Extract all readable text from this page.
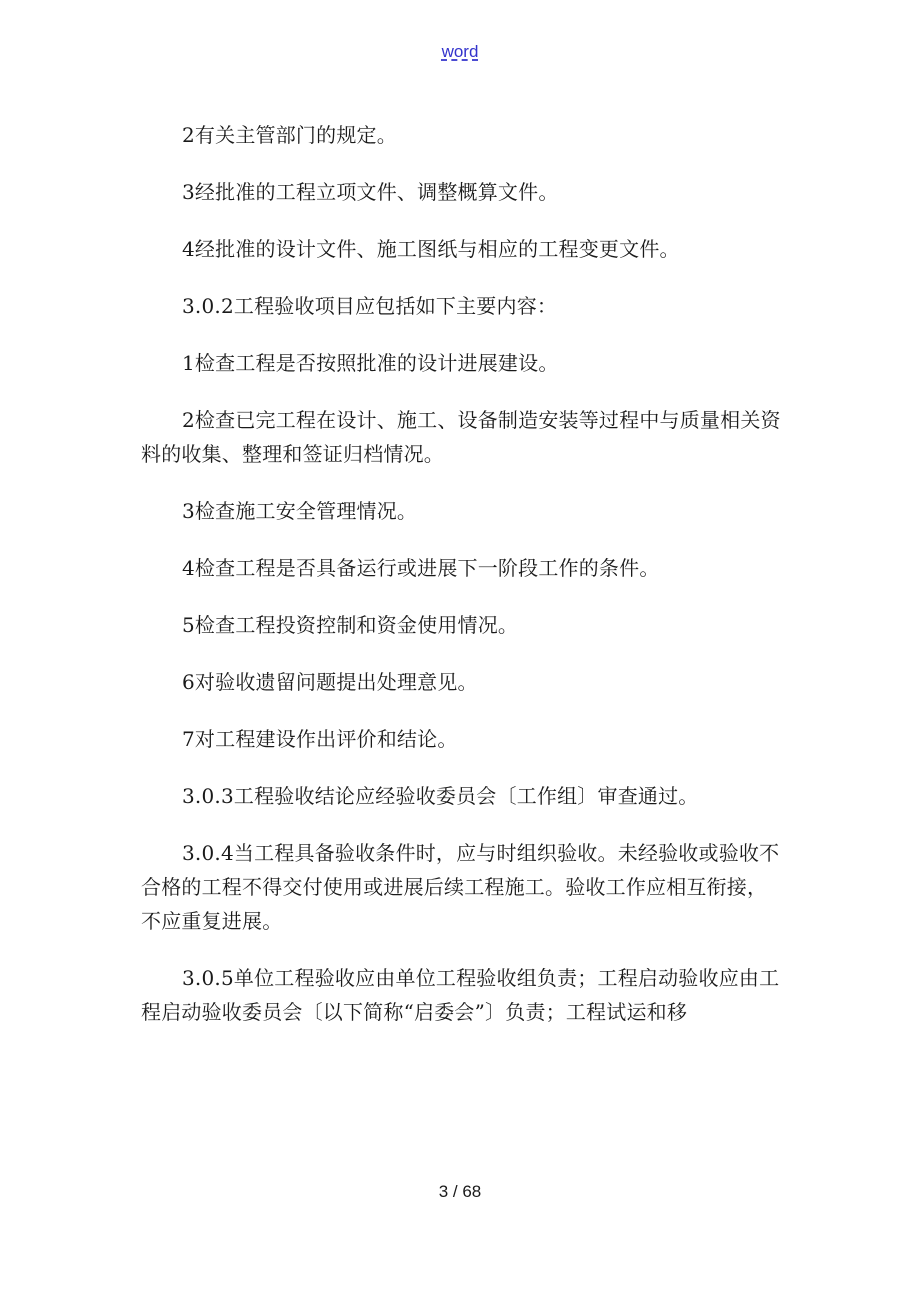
word

2有关主管部门的规定。

3经批准的工程立项文件、调整概算文件。

4经批准的设计文件、施工图纸与相应的工程变更文件。

3.0.2工程验收项目应包括如下主要内容：

1检查工程是否按照批准的设计进展建设。

2检查已完工程在设计、施工、设备制造安装等过程中与质量相关资料的收集、整理和签证归档情况。

3检查施工安全管理情况。

4检查工程是否具备运行或进展下一阶段工作的条件。

5检查工程投资控制和资金使用情况。

6对验收遗留问题提出处理意见。

7对工程建设作出评价和结论。

3.0.3工程验收结论应经验收委员会〔工作组〕审查通过。

3.0.4当工程具备验收条件时，应与时组织验收。未经验收或验收不合格的工程不得交付使用或进展后续工程施工。验收工作应相互衔接，不应重复进展。

3.0.5单位工程验收应由单位工程验收组负责；工程启动验收应由工程启动验收委员会〔以下简称“启委会”〕负责；工程试运和移

3 / 68
